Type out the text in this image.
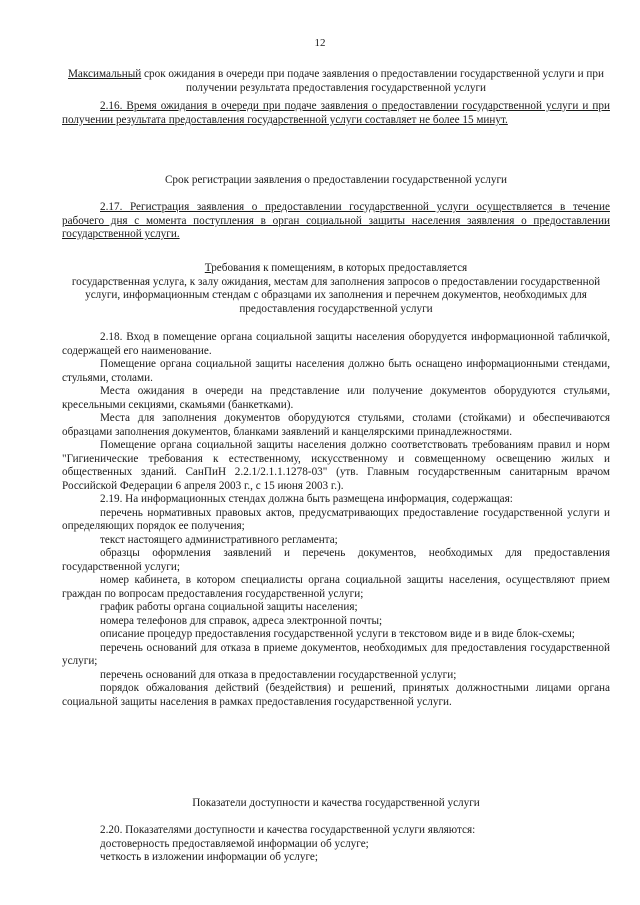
12
Максимальный срок ожидания в очереди при подаче заявления о предоставлении государственной услуги и при получении результата предоставления государственной услуги

2.16. Время ожидания в очереди при подаче заявления о предоставлении государственной услуги и при получении результата предоставления государственной услуги составляет не более 15 минут.

Срок регистрации заявления о предоставлении государственной услуги

2.17. Регистрация заявления о предоставлении государственной услуги осуществляется в течение рабочего дня с момента поступления в орган социальной защиты населения заявления о предоставлении государственной услуги.

Требования к помещениям, в которых предоставляется
государственная услуга, к залу ожидания, местам для заполнения запросов о предоставлении государственной услуги, информационным стендам с образцами их заполнения и перечнем документов, необходимых для предоставления государственной услуги

2.18. Вход в помещение органа социальной защиты населения оборудуется информационной табличкой, содержащей его наименование.

Помещение органа социальной защиты населения должно быть оснащено информационными стендами, стульями, столами.

Места ожидания в очереди на представление или получение документов оборудуются стульями, кресельными секциями, скамьями (банкетками).

Места для заполнения документов оборудуются стульями, столами (стойками) и обеспечиваются образцами заполнения документов, бланками заявлений и канцелярскими принадлежностями.

Помещение органа социальной защиты населения должно соответствовать требованиям правил и норм "Гигиенические требования к естественному, искусственному и совмещенному освещению жилых и общественных зданий. СанПиН 2.2.1/2.1.1.1278-03" (утв. Главным государственным санитарным врачом Российской Федерации 6 апреля 2003 г., с 15 июня 2003 г.).

2.19. На информационных стендах должна быть размещена информация, содержащая:

перечень нормативных правовых актов, предусматривающих предоставление государственной услуги и определяющих порядок ее получения;

текст настоящего административного регламента;

образцы оформления заявлений и перечень документов, необходимых для предоставления государственной услуги;

номер кабинета, в котором специалисты органа социальной защиты населения, осуществляют прием граждан по вопросам предоставления государственной услуги;

график работы органа социальной защиты населения;

номера телефонов для справок, адреса электронной почты;

описание процедур предоставления государственной услуги в текстовом виде и в виде блок-схемы;

перечень оснований для отказа в приеме документов, необходимых для предоставления государственной услуги;

перечень оснований для отказа в предоставлении государственной услуги;

порядок обжалования действий (бездействия) и решений, принятых должностными лицами органа социальной защиты населения в рамках предоставления государственной услуги.

Показатели доступности и качества государственной услуги

2.20. Показателями доступности и качества государственной услуги являются:

достоверность предоставляемой информации об услуге;

четкость в изложении информации об услуге;
